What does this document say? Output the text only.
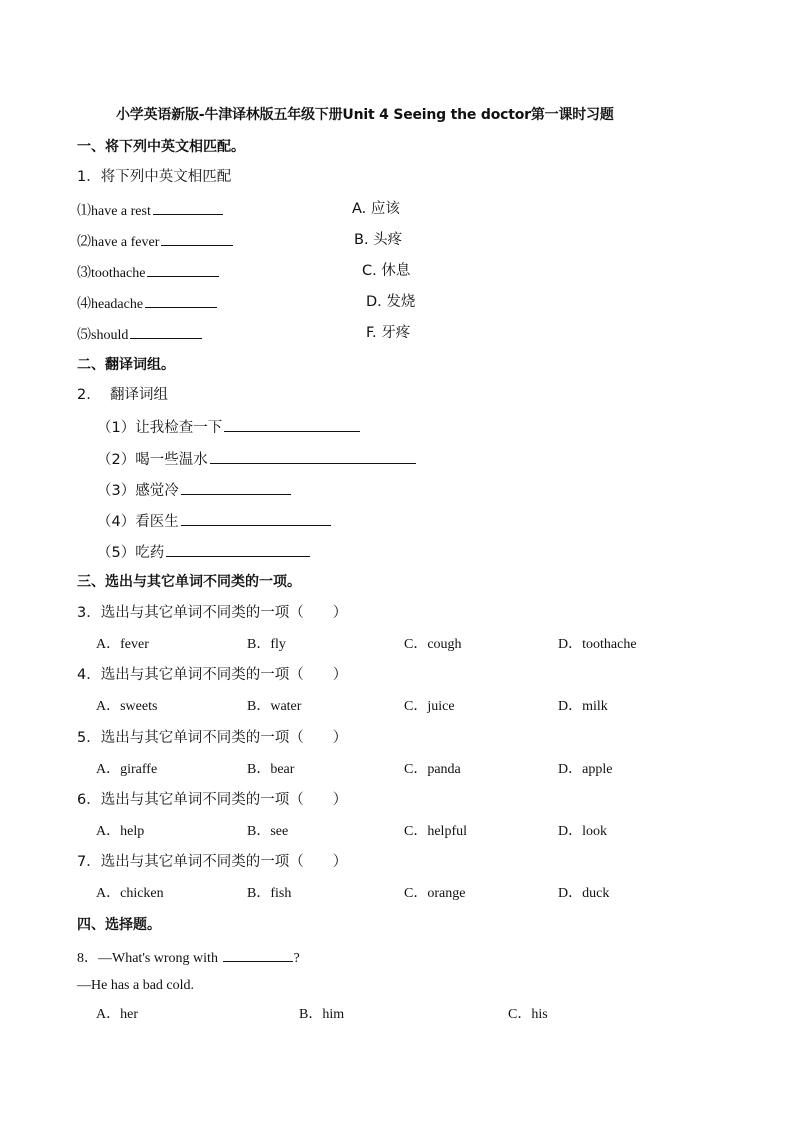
小学英语新版-牛津译林版五年级下册Unit 4 Seeing the doctor第一课时习题
一、将下列中英文相匹配。
1．将下列中英文相匹配
⑴have a rest
⑵have a fever
⑶toothache
⑷headache
⑸should
A. 应该
B. 头疼
C. 休息
D. 发烧
F. 牙疼
二、翻译词组。
2.　 翻译词组
（1）让我检查一下
（2）喝一些温水
（3）感觉冷
（4）看医生
（5）吃药
三、选出与其它单词不同类的一项。
3．选出与其它单词不同类的一项（　　）
A．fever	B．fly	C．cough	D．toothache
4．选出与其它单词不同类的一项（　　）
A．sweets	B．water	C．juice	D．milk
5．选出与其它单词不同类的一项（　　）
A．giraffe	B．bear	C．panda	D．apple
6．选出与其它单词不同类的一项（　　）
A．help	B．see	C．helpful	D．look
7．选出与其它单词不同类的一项（　　）
A．chicken	B．fish	C．orange	D．duck
四、选择题。
8．—What's wrong with	?
—He has a bad cold.
A．her	B．him	C．his
